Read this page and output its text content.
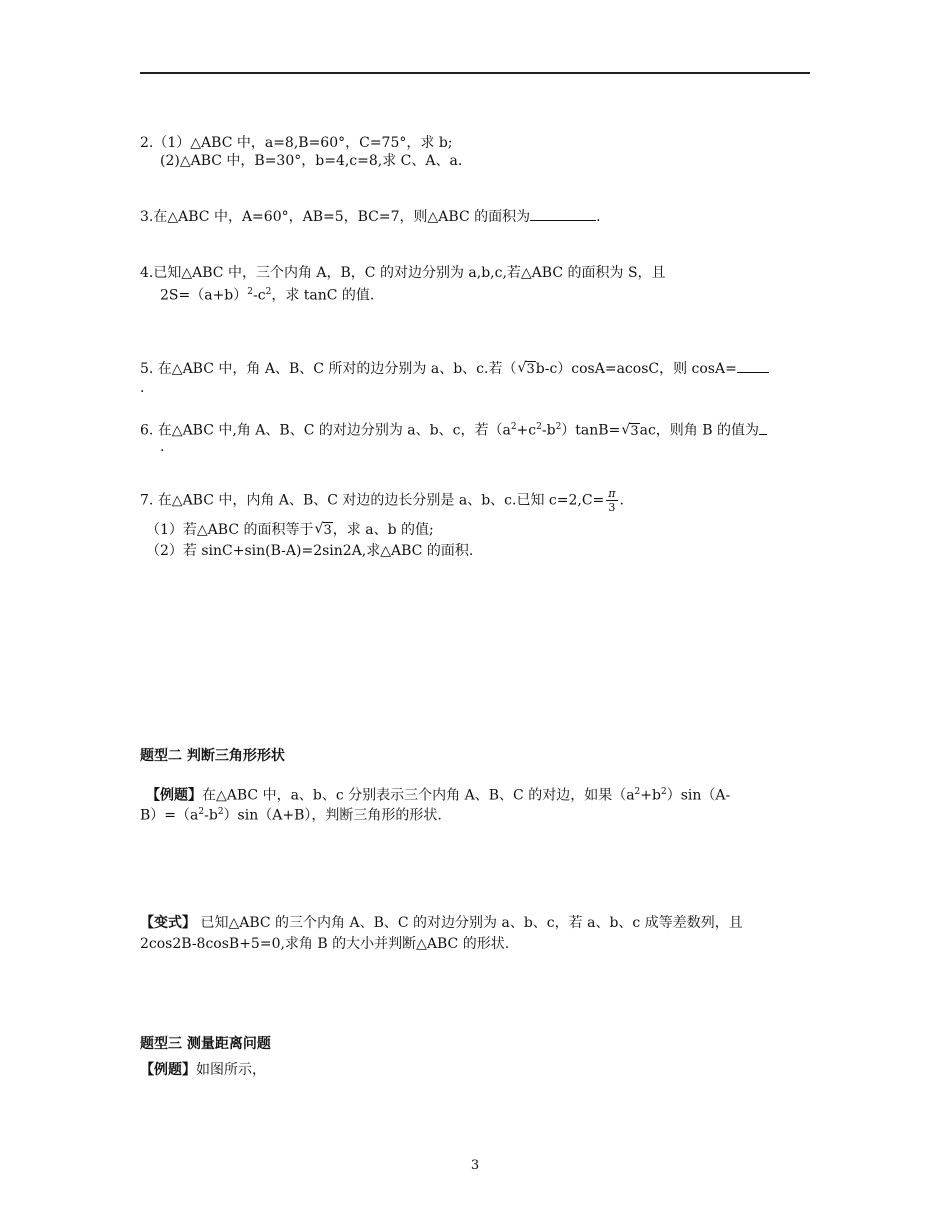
2.（1）△ABC 中，a=8,B=60°，C=75°，求 b;
(2)△ABC 中，B=30°，b=4,c=8,求 C、A、a.
3.在△ABC 中，A=60°，AB=5，BC=7，则△ABC 的面积为	.
4.已知△ABC 中，三个内角 A，B，C 的对边分别为 a,b,c,若△ABC 的面积为 S，且
$2S=(a+b)^2-c^2$，求 tanC 的值.
5. 在△ABC 中，角 A、B、C 所对的边分别为 a、b、c.若（√ 3b-c）cosA=acosC，则 cosA=
.
6. 在△ABC 中,角 A、B、C 的对边分别为 a、b、c，若$(a^2+c^2-b^2)\tan B=√$ 3ac，则角 B 的值为
.
7. 在△ABC 中，内角 A、B、C 对边的边长分别是 a、b、c.已知 $c=2,C= \frac{\pi}{3}$ .
（1）若△ABC 的面积等于√ 3，求 a、b 的值;
（2）若 sinC+sin(B-A)=2sin2A,求△ABC 的面积.
题型二 判断三角形形状
【例题】在△ABC 中，a、b、c 分别表示三个内角 A、B、C 的对边，如果$(a^2+b^2)\sin(A-$
$B)=(a^2-b^2)\sin(A+B)$，判断三角形的形状.
【变式】 已知△ABC 的三个内角 A、B、C 的对边分别为 a、b、c，若 a、b、c 成等差数列，且
2cos2B-8cosB+5=0,求角 B 的大小并判断△ABC 的形状.
题型三 测量距离问题
【例题】如图所示，
3
